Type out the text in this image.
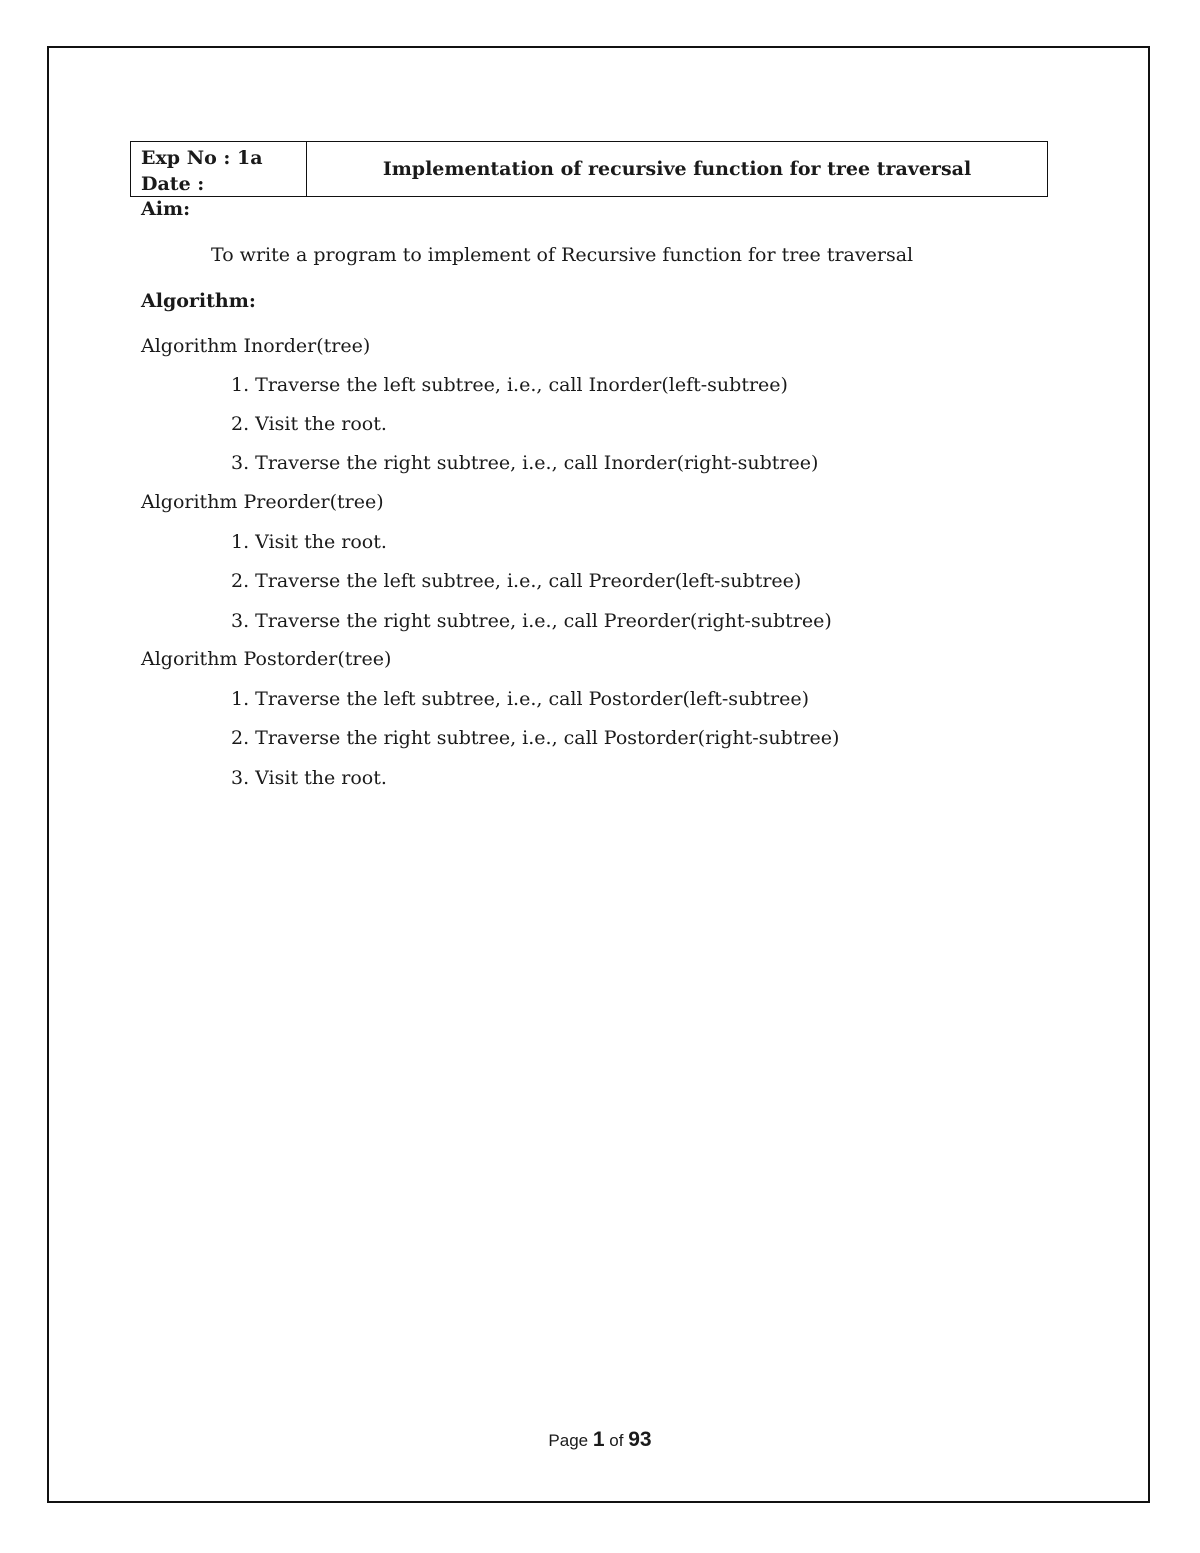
Exp No : 1a
Date :
Implementation of recursive function for tree traversal
Aim:
To write a program to implement of Recursive function for tree traversal
Algorithm:
Algorithm Inorder(tree)
1. Traverse the left subtree, i.e., call Inorder(left-subtree)
2. Visit the root.
3. Traverse the right subtree, i.e., call Inorder(right-subtree)
Algorithm Preorder(tree)
1. Visit the root.
2. Traverse the left subtree, i.e., call Preorder(left-subtree)
3. Traverse the right subtree, i.e., call Preorder(right-subtree)
Algorithm Postorder(tree)
1. Traverse the left subtree, i.e., call Postorder(left-subtree)
2. Traverse the right subtree, i.e., call Postorder(right-subtree)
3. Visit the root.
Page 1 of 93
